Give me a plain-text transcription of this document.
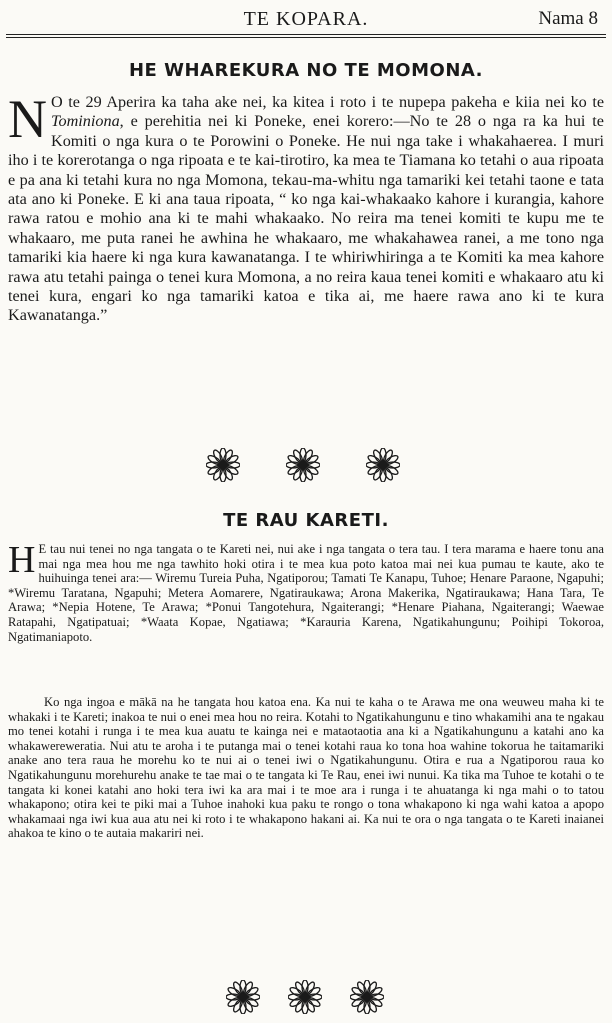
TE KOPARA.	Nama 8
HE WHAREKURA NO TE MOMONA.

N O te 29 Aperira ka taha ake nei, ka kitea i roto i te nupepa pakeha e kiia nei ko te Tominiona, e perehitia nei ki Poneke, enei korero:—No te 28 o nga ra ka hui te Komiti o nga kura o te Porowini o Poneke. He nui nga take i whakahaerea. I muri iho i te korerotanga o nga ripoata e te kai-tirotiro, ka mea te Tiamana ko tetahi o aua ripoata e pa ana ki tetahi kura no nga Momona, tekau-ma-whitu nga tamariki kei tetahi taone e tata ata ano ki Poneke. E ki ana taua ripoata, “ ko nga kai-whakaako kahore i kurangia, kahore rawa ratou e mohio ana ki te mahi whakaako. No reira ma tenei komiti te kupu me te whakaaro, me puta ranei he awhina he whakaaro, me whakahawea ranei, a me tono nga tamariki kia haere ki nga kura kawanatanga. I te whiriwhiringa a te Komiti ka mea kahore rawa atu tetahi painga o tenei kura Momona, a no reira kaua tenei komiti e whakaaro atu ki tenei kura, engari ko nga tamariki katoa e tika ai, me haere rawa ano ki te kura Kawanatanga.”

TE RAU KARETI.

H E tau nui tenei no nga tangata o te Kareti nei, nui ake i nga tangata o tera tau. I tera marama e haere tonu ana mai nga mea hou me nga tawhito hoki otira i te mea kua poto katoa mai nei kua pumau te kaute, ako te huihuinga tenei ara:— Wiremu Tureia Puha, Ngatiporou; Tamati Te Kanapu, Tuhoe; Henare Paraone, Ngapuhi; *Wiremu Taratana, Ngapuhi; Metera Aomarere, Ngatiraukawa; Arona Makerika, Ngatiraukawa; Hana Tara, Te Arawa; *Nepia Hotene, Te Arawa; *Ponui Tangotehura, Ngaiterangi; *Henare Piahana, Ngaiterangi; Waewae Ratapahi, Ngatipatuai; *Waata Kopae, Ngatiawa; *Karauria Karena, Ngatikahungunu; Poihipi Tokoroa, Ngatimaniapoto.

Ko nga ingoa e mākā na he tangata hou katoa ena. Ka nui te kaha o te Arawa me ona weuweu maha ki te whakaki i te Kareti; inakoa te nui o enei mea hou no reira. Kotahi to Ngatikahungunu e tino whakamihi ana te ngakau mo tenei kotahi i runga i te mea kua auatu te kainga nei e mataotaotia ana ki a Ngatikahungunu a katahi ano ka whakawereweratia. Nui atu te aroha i te putanga mai o tenei kotahi raua ko tona hoa wahine tokorua he taitamariki anake ano tera raua he morehu ko te nui ai o tenei iwi o Ngatikahungunu. Otira e rua a Ngatiporou raua ko Ngatikahungunu morehurehu anake te tae mai o te tangata ki Te Rau, enei iwi nunui. Ka tika ma Tuhoe te kotahi o te tangata ki konei katahi ano hoki tera iwi ka ara mai i te moe ara i runga i te ahuatanga ki nga mahi o to tatou whakapono; otira kei te piki mai a Tuhoe inahoki kua paku te rongo o tona whakapono ki nga wahi katoa a apopo whakamaai nga iwi kua aua atu nei ki roto i te whakapono hakani ai. Ka nui te ora o nga tangata o te Kareti inaianei ahakoa te kino o te autaia makariri nei.
